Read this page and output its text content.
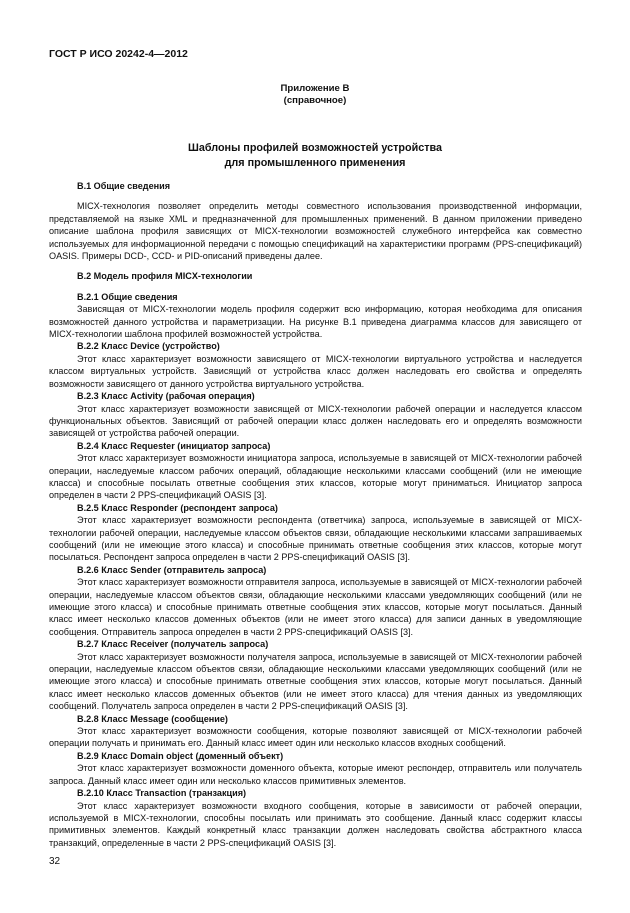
ГОСТ Р ИСО 20242-4—2012
Приложение В
(справочное)
Шаблоны профилей возможностей устройства
для промышленного применения
В.1 Общие сведения

MICX-технология позволяет определить методы совместного использования производственной информации, представляемой на языке XML и предназначенной для промышленных применений. В данном приложении приведено описание шаблона профиля зависящих от MICX-технологии возможностей служебного интерфейса как совместно используемых для информационной передачи с помощью спецификаций на характеристики программ (PPS-спецификаций) OASIS. Примеры DCD-, CCD- и PID-описаний приведены далее.

В.2 Модель профиля MICX-технологии
В.2.1 Общие сведения

Зависящая от MICX-технологии модель профиля содержит всю информацию, которая необходима для описания возможностей данного устройства и параметризации. На рисунке В.1 приведена диаграмма классов для зависящего от MICX-технологии шаблона профилей возможностей устройства.

В.2.2 Класс Device (устройство)

Этот класс характеризует возможности зависящего от MICX-технологии виртуального устройства и наследуется классом виртуальных устройств. Зависящий от устройства класс должен наследовать его свойства и определять возможности зависящего от данного устройства виртуального устройства.

В.2.3 Класс Activity (рабочая операция)

Этот класс характеризует возможности зависящей от MICX-технологии рабочей операции и наследуется классом функциональных объектов. Зависящий от рабочей операции класс должен наследовать его и определять возможности зависящей от устройства рабочей операции.

В.2.4 Класс Requester (инициатор запроса)

Этот класс характеризует возможности инициатора запроса, используемые в зависящей от MICX-технологии рабочей операции, наследуемые классом рабочих операций, обладающие несколькими классами сообщений (или не имеющие класса) и способные посылать ответные сообщения этих классов, которые могут приниматься. Инициатор запроса определен в части 2 PPS-спецификаций OASIS [3].

В.2.5 Класс Responder (респондент запроса)

Этот класс характеризует возможности респондента (ответчика) запроса, используемые в зависящей от MICX-технологии рабочей операции, наследуемые классом объектов связи, обладающие несколькими классами запрашиваемых сообщений (или не имеющие этого класса) и способные принимать ответные сообщения этих классов, которые могут посылаться. Респондент запроса определен в части 2 PPS-спецификаций OASIS [3].

В.2.6 Класс Sender (отправитель запроса)

Этот класс характеризует возможности отправителя запроса, используемые в зависящей от MICX-технологии рабочей операции, наследуемые классом объектов связи, обладающие несколькими классами уведомляющих сообщений (или не имеющие этого класса) и способные принимать ответные сообщения этих классов, которые могут посылаться. Данный класс имеет несколько классов доменных объектов (или не имеет этого класса) для записи данных в уведомляющие сообщения. Отправитель запроса определен в части 2 PPS-спецификаций OASIS [3].

В.2.7 Класс Receiver (получатель запроса)

Этот класс характеризует возможности получателя запроса, используемые в зависящей от MICX-технологии рабочей операции, наследуемые классом объектов связи, обладающие несколькими классами уведомляющих сообщений (или не имеющие этого класса) и способные принимать ответные сообщения этих классов, которые могут посылаться. Данный класс имеет несколько классов доменных объектов (или не имеет этого класса) для чтения данных из уведомляющих сообщений. Получатель запроса определен в части 2 PPS-спецификаций OASIS [3].

В.2.8 Класс Message (сообщение)

Этот класс характеризует возможности сообщения, которые позволяют зависящей от MICX-технологии рабочей операции получать и принимать его. Данный класс имеет один или несколько классов входных сообщений.

В.2.9 Класс Domain object (доменный объект)

Этот класс характеризует возможности доменного объекта, которые имеют респондер, отправитель или получатель запроса. Данный класс имеет один или несколько классов примитивных элементов.

В.2.10 Класс Transaction (транзакция)

Этот класс характеризует возможности входного сообщения, которые в зависимости от рабочей операции, используемой в MICX-технологии, способны посылать или принимать это сообщение. Данный класс содержит классы примитивных элементов. Каждый конкретный класс транзакции должен наследовать свойства абстрактного класса транзакций, определенные в части 2 PPS-спецификаций OASIS [3].

32
